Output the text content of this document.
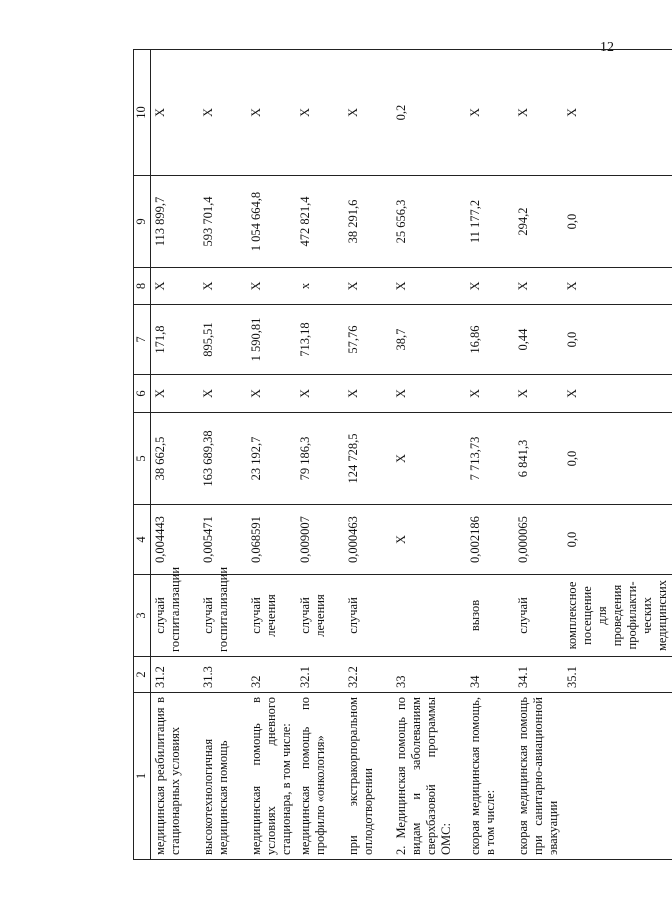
12
1	2	3	4	5	6	7	8	9	10
медицинская реабилитация в стационарных условиях	31.2	случай госпитализации	0,004443	38 662,5	Х	171,8	Х	113 899,7	Х
высокотехнологичная медицинская помощь	31.3	случай госпитализации	0,005471	163 689,38	Х	895,51	Х	593 701,4	Х
медицинская помощь в условиях дневного стационара, в том числе:	32	случай лечения	0,068591	23 192,7	Х	1 590,81	Х	1 054 664,8	Х
медицинская помощь по профилю «онкология»	32.1	случай лечения	0,009007	79 186,3	Х	713,18	х	472 821,4	Х
при экстракорпоральном оплодотворении	32.2	случай	0,000463	124 728,5	Х	57,76	Х	38 291,6	Х
2. Медицинская помощь по видам и заболеваниям сверхбазовой программы ОМС:	33		Х	Х	Х	38,7	Х	25 656,3	0,2
скорая медицинская помощь, в том числе:	34	вызов	0,002186	7 713,73	Х	16,86	Х	11 177,2	Х
скорая медицинская помощь при санитарно-авиационной эвакуации	34.1	случай	0,000065	6 841,3	Х	0,44	Х	294,2	Х
	35.1	комплексное посещение для проведения профилакти-ческих медицинских	0,0	0,0	Х	0,0	Х	0,0	Х
